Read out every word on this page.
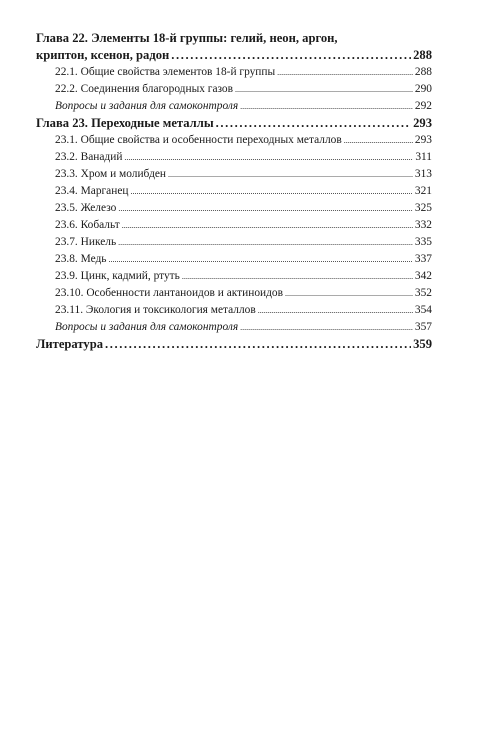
Глава 22. Элементы 18-й группы: гелий, неон, аргон,
криптон, ксенон, радон .....	288
22.1. Общие свойства элементов 18-й группы .....	288
22.2. Соединения благородных газов .....	290
Вопросы и задания для самоконтроля .....	292
Глава 23. Переходные металлы .....	293
23.1. Общие свойства и особенности переходных металлов .....	293
23.2. Ванадий .....	311
23.3. Хром и молибден .....	313
23.4. Марганец .....	321
23.5. Железо .....	325
23.6. Кобальт .....	332
23.7. Никель .....	335
23.8. Медь .....	337
23.9. Цинк, кадмий, ртуть .....	342
23.10. Особенности лантаноидов и актиноидов .....	352
23.11. Экология и токсикология металлов .....	354
Вопросы и задания для самоконтроля .....	357
Литература .....	359
